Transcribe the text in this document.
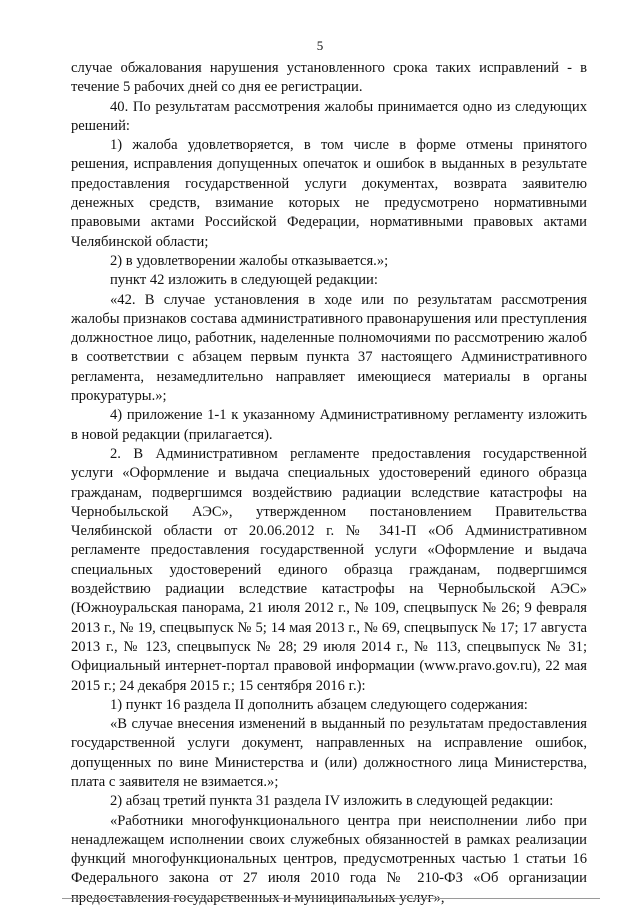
5

случае обжалования нарушения установленного срока таких исправлений - в течение 5 рабочих дней со дня ее регистрации.

40. По результатам рассмотрения жалобы принимается одно из следующих решений:

1) жалоба удовлетворяется, в том числе в форме отмены принятого решения, исправления допущенных опечаток и ошибок в выданных в результате предоставления государственной услуги документах, возврата заявителю денежных средств, взимание которых не предусмотрено нормативными правовыми актами Российской Федерации, нормативными правовых актами Челябинской области;

2) в удовлетворении жалобы отказывается.»;

пункт 42 изложить в следующей редакции:

«42. В случае установления в ходе или по результатам рассмотрения жалобы признаков состава административного правонарушения или преступления должностное лицо, работник, наделенные полномочиями по рассмотрению жалоб в соответствии с абзацем первым пункта 37 настоящего Административного регламента, незамедлительно направляет имеющиеся материалы в органы прокуратуры.»;

4) приложение 1-1 к указанному Административному регламенту изложить в новой редакции (прилагается).

2. В Административном регламенте предоставления государственной услуги «Оформление и выдача специальных удостоверений единого образца гражданам, подвергшимся воздействию радиации вследствие катастрофы на Чернобыльской АЭС», утвержденном постановлением Правительства Челябинской области от 20.06.2012 г. № 341-П «Об Административном регламенте предоставления государственной услуги «Оформление и выдача специальных удостоверений единого образца гражданам, подвергшимся воздействию радиации вследствие катастрофы на Чернобыльской АЭС» (Южноуральская панорама, 21 июля 2012 г., № 109, спецвыпуск № 26; 9 февраля 2013 г., № 19, спецвыпуск № 5; 14 мая 2013 г., № 69, спецвыпуск № 17; 17 августа 2013 г., № 123, спецвыпуск № 28; 29 июля 2014 г., № 113, спецвыпуск № 31; Официальный интернет-портал правовой информации (www.pravo.gov.ru), 22 мая 2015 г.; 24 декабря 2015 г.; 15 сентября 2016 г.):

1) пункт 16 раздела II дополнить абзацем следующего содержания:

«В случае внесения изменений в выданный по результатам предоставления государственной услуги документ, направленных на исправление ошибок, допущенных по вине Министерства и (или) должностного лица Министерства, плата с заявителя не взимается.»;

2) абзац третий пункта 31 раздела IV изложить в следующей редакции:

«Работники многофункционального центра при неисполнении либо при ненадлежащем исполнении своих служебных обязанностей в рамках реализации функций многофункциональных центров, предусмотренных частью 1 статьи 16 Федерального закона от 27 июля 2010 года № 210-ФЗ «Об организации предоставления государственных и муниципальных услуг»,
